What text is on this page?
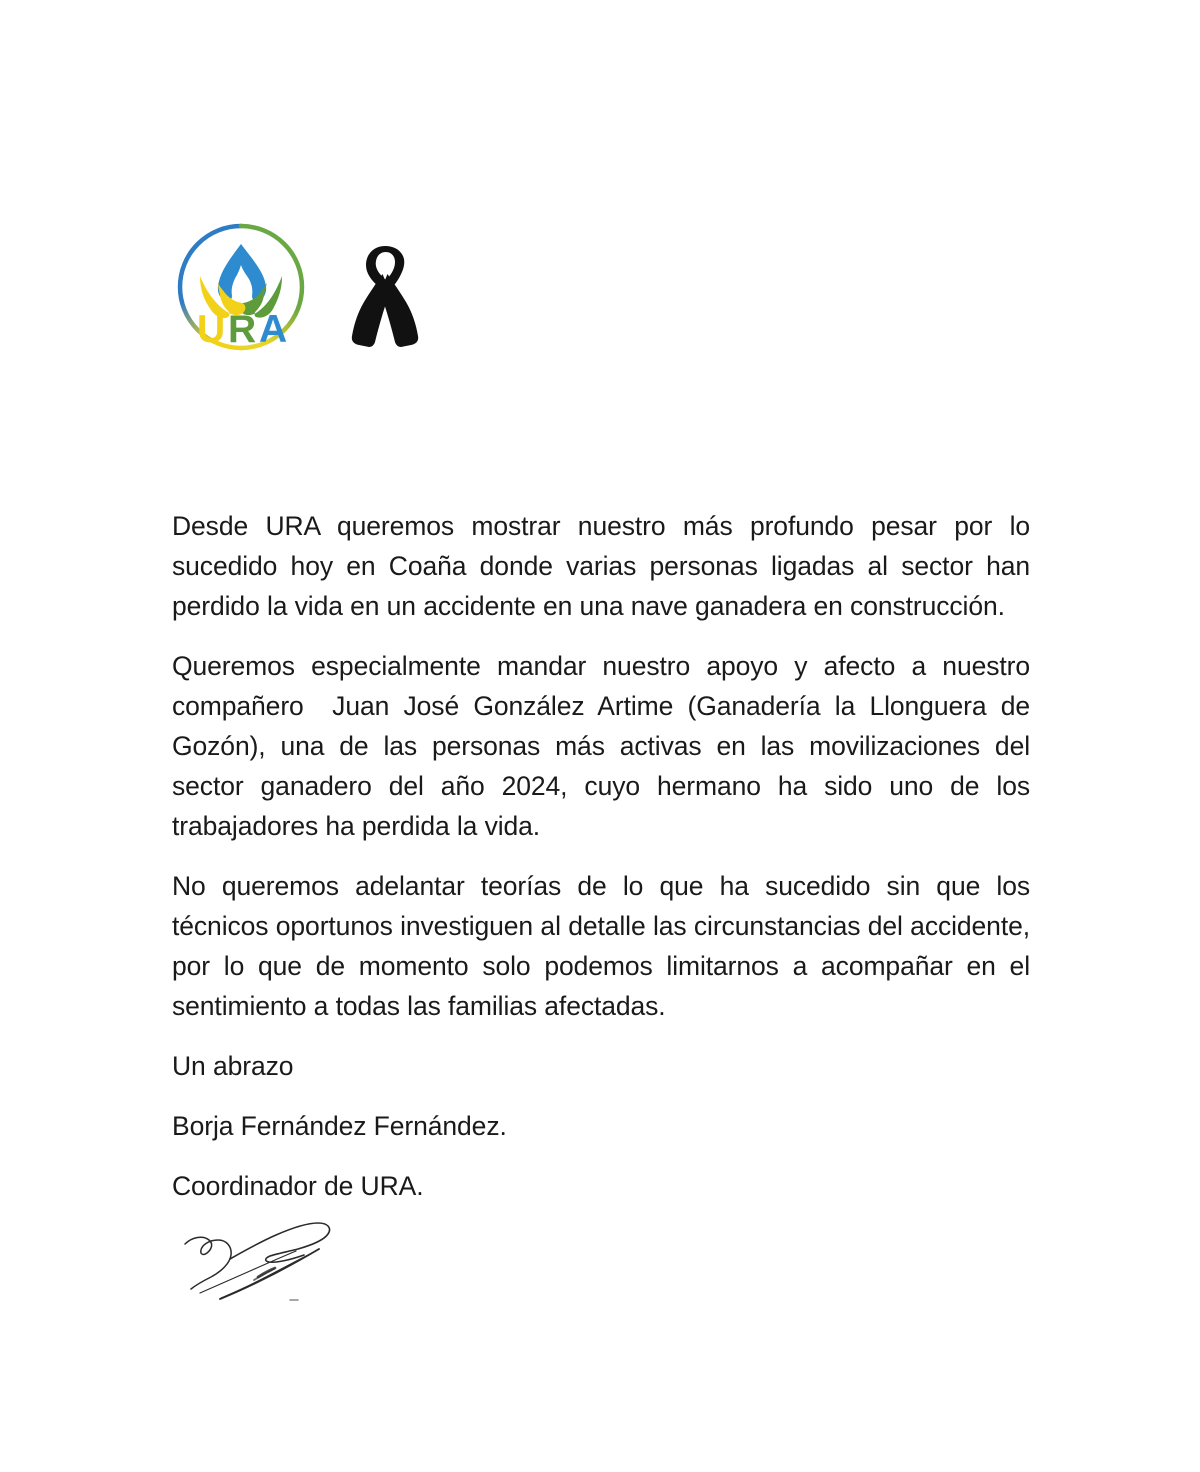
U R A

Desde URA queremos mostrar nuestro más profundo pesar por lo sucedido hoy en Coaña donde varias personas ligadas al sector han perdido la vida en un accidente en una nave ganadera en construcción.

Queremos especialmente mandar nuestro apoyo y afecto a nuestro compañero  Juan José González Artime (Ganadería la Llonguera de Gozón), una de las personas más activas en las movilizaciones del sector ganadero del año 2024, cuyo hermano ha sido uno de los trabajadores ha perdida la vida.

No queremos adelantar teorías de lo que ha sucedido sin que los técnicos oportunos investiguen al detalle las circunstancias del accidente, por lo que de momento solo podemos limitarnos a acompañar en el sentimiento a todas las familias afectadas.

Un abrazo

Borja Fernández Fernández.

Coordinador de URA.
